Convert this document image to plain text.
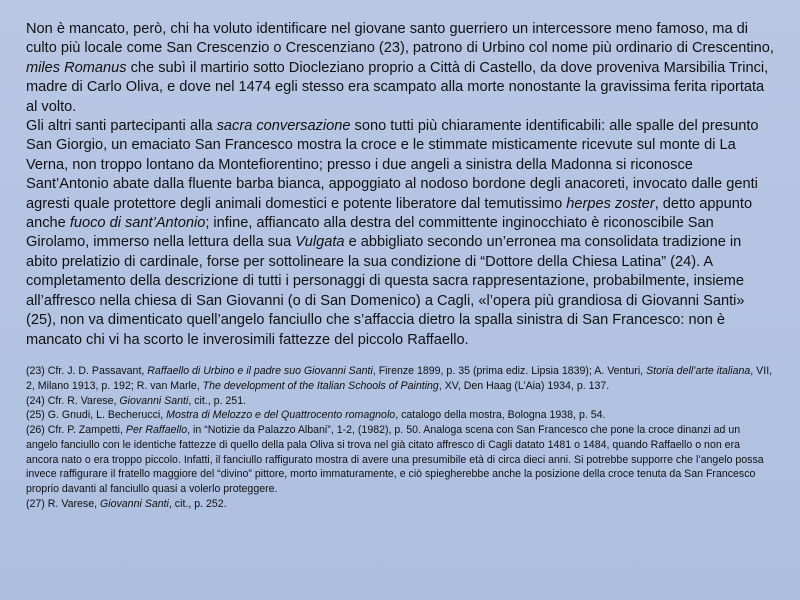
Non è mancato, però, chi ha voluto identificare nel giovane santo guerriero un intercessore meno famoso, ma di culto più locale come San Crescenzio o Crescenziano (23), patrono di Urbino col nome più ordinario di Crescentino, miles Romanus che subì il martirio sotto Diocleziano proprio a Città di Castello, da dove proveniva Marsibilia Trinci, madre di Carlo Oliva, e dove nel 1474 egli stesso era scampato alla morte nonostante la gravissima ferita riportata al volto.

Gli altri santi partecipanti alla sacra conversazione sono tutti più chiaramente identificabili: alle spalle del presunto San Giorgio, un emaciato San Francesco mostra la croce e le stimmate misticamente ricevute sul monte di La Verna, non troppo lontano da Montefiorentino; presso i due angeli a sinistra della Madonna si riconosce Sant’Antonio abate dalla fluente barba bianca, appoggiato al nodoso bordone degli anacoreti, invocato dalle genti agresti quale protettore degli animali domestici e potente liberatore dal temutissimo herpes zoster, detto appunto anche fuoco di sant’Antonio; infine, affiancato alla destra del committente inginocchiato è riconoscibile San Girolamo, immerso nella lettura della sua Vulgata e abbigliato secondo un’erronea ma consolidata tradizione in abito prelatizio di cardinale, forse per sottolineare la sua condizione di “Dottore della Chiesa Latina” (24). A completamento della descrizione di tutti i personaggi di questa sacra rappresentazione, probabilmente, insieme all’affresco nella chiesa di San Giovanni (o di San Domenico) a Cagli, «l’opera più grandiosa di Giovanni Santi» (25), non va dimenticato quell’angelo fanciullo che s’affaccia dietro la spalla sinistra di San Francesco: non è mancato chi vi ha scorto le inverosimili fattezze del piccolo Raffaello.

(23) Cfr. J. D. Passavant, Raffaello di Urbino e il padre suo Giovanni Santi, Firenze 1899, p. 35 (prima ediz. Lipsia 1839); A. Venturi, Storia dell’arte italiana, VII, 2, Milano 1913, p. 192; R. van Marle, The development of the Italian Schools of Painting, XV, Den Haag (L’Aia) 1934, p. 137.

(24) Cfr. R. Varese, Giovanni Santi, cit., p. 251.

(25) G. Gnudi, L. Becherucci, Mostra di Melozzo e del Quattrocento romagnolo, catalogo della mostra, Bologna 1938, p. 54.

(26) Cfr. P. Zampetti, Per Raffaello, in “Notizie da Palazzo Albani”, 1-2, (1982), p. 50. Analoga scena con San Francesco che pone la croce dinanzi ad un angelo fanciullo con le identiche fattezze di quello della pala Oliva si trova nel già citato affresco di Cagli datato 1481 o 1484, quando Raffaello o non era ancora nato o era troppo piccolo. Infatti, il fanciullo raffigurato mostra di avere una presumibile età di circa dieci anni. Si potrebbe supporre che l’angelo possa invece raffigurare il fratello maggiore del “divino” pittore, morto immaturamente, e ciò spiegherebbe anche la posizione della croce tenuta da San Francesco proprio davanti al fanciullo quasi a volerlo proteggere.

(27) R. Varese, Giovanni Santi, cit., p. 252.
